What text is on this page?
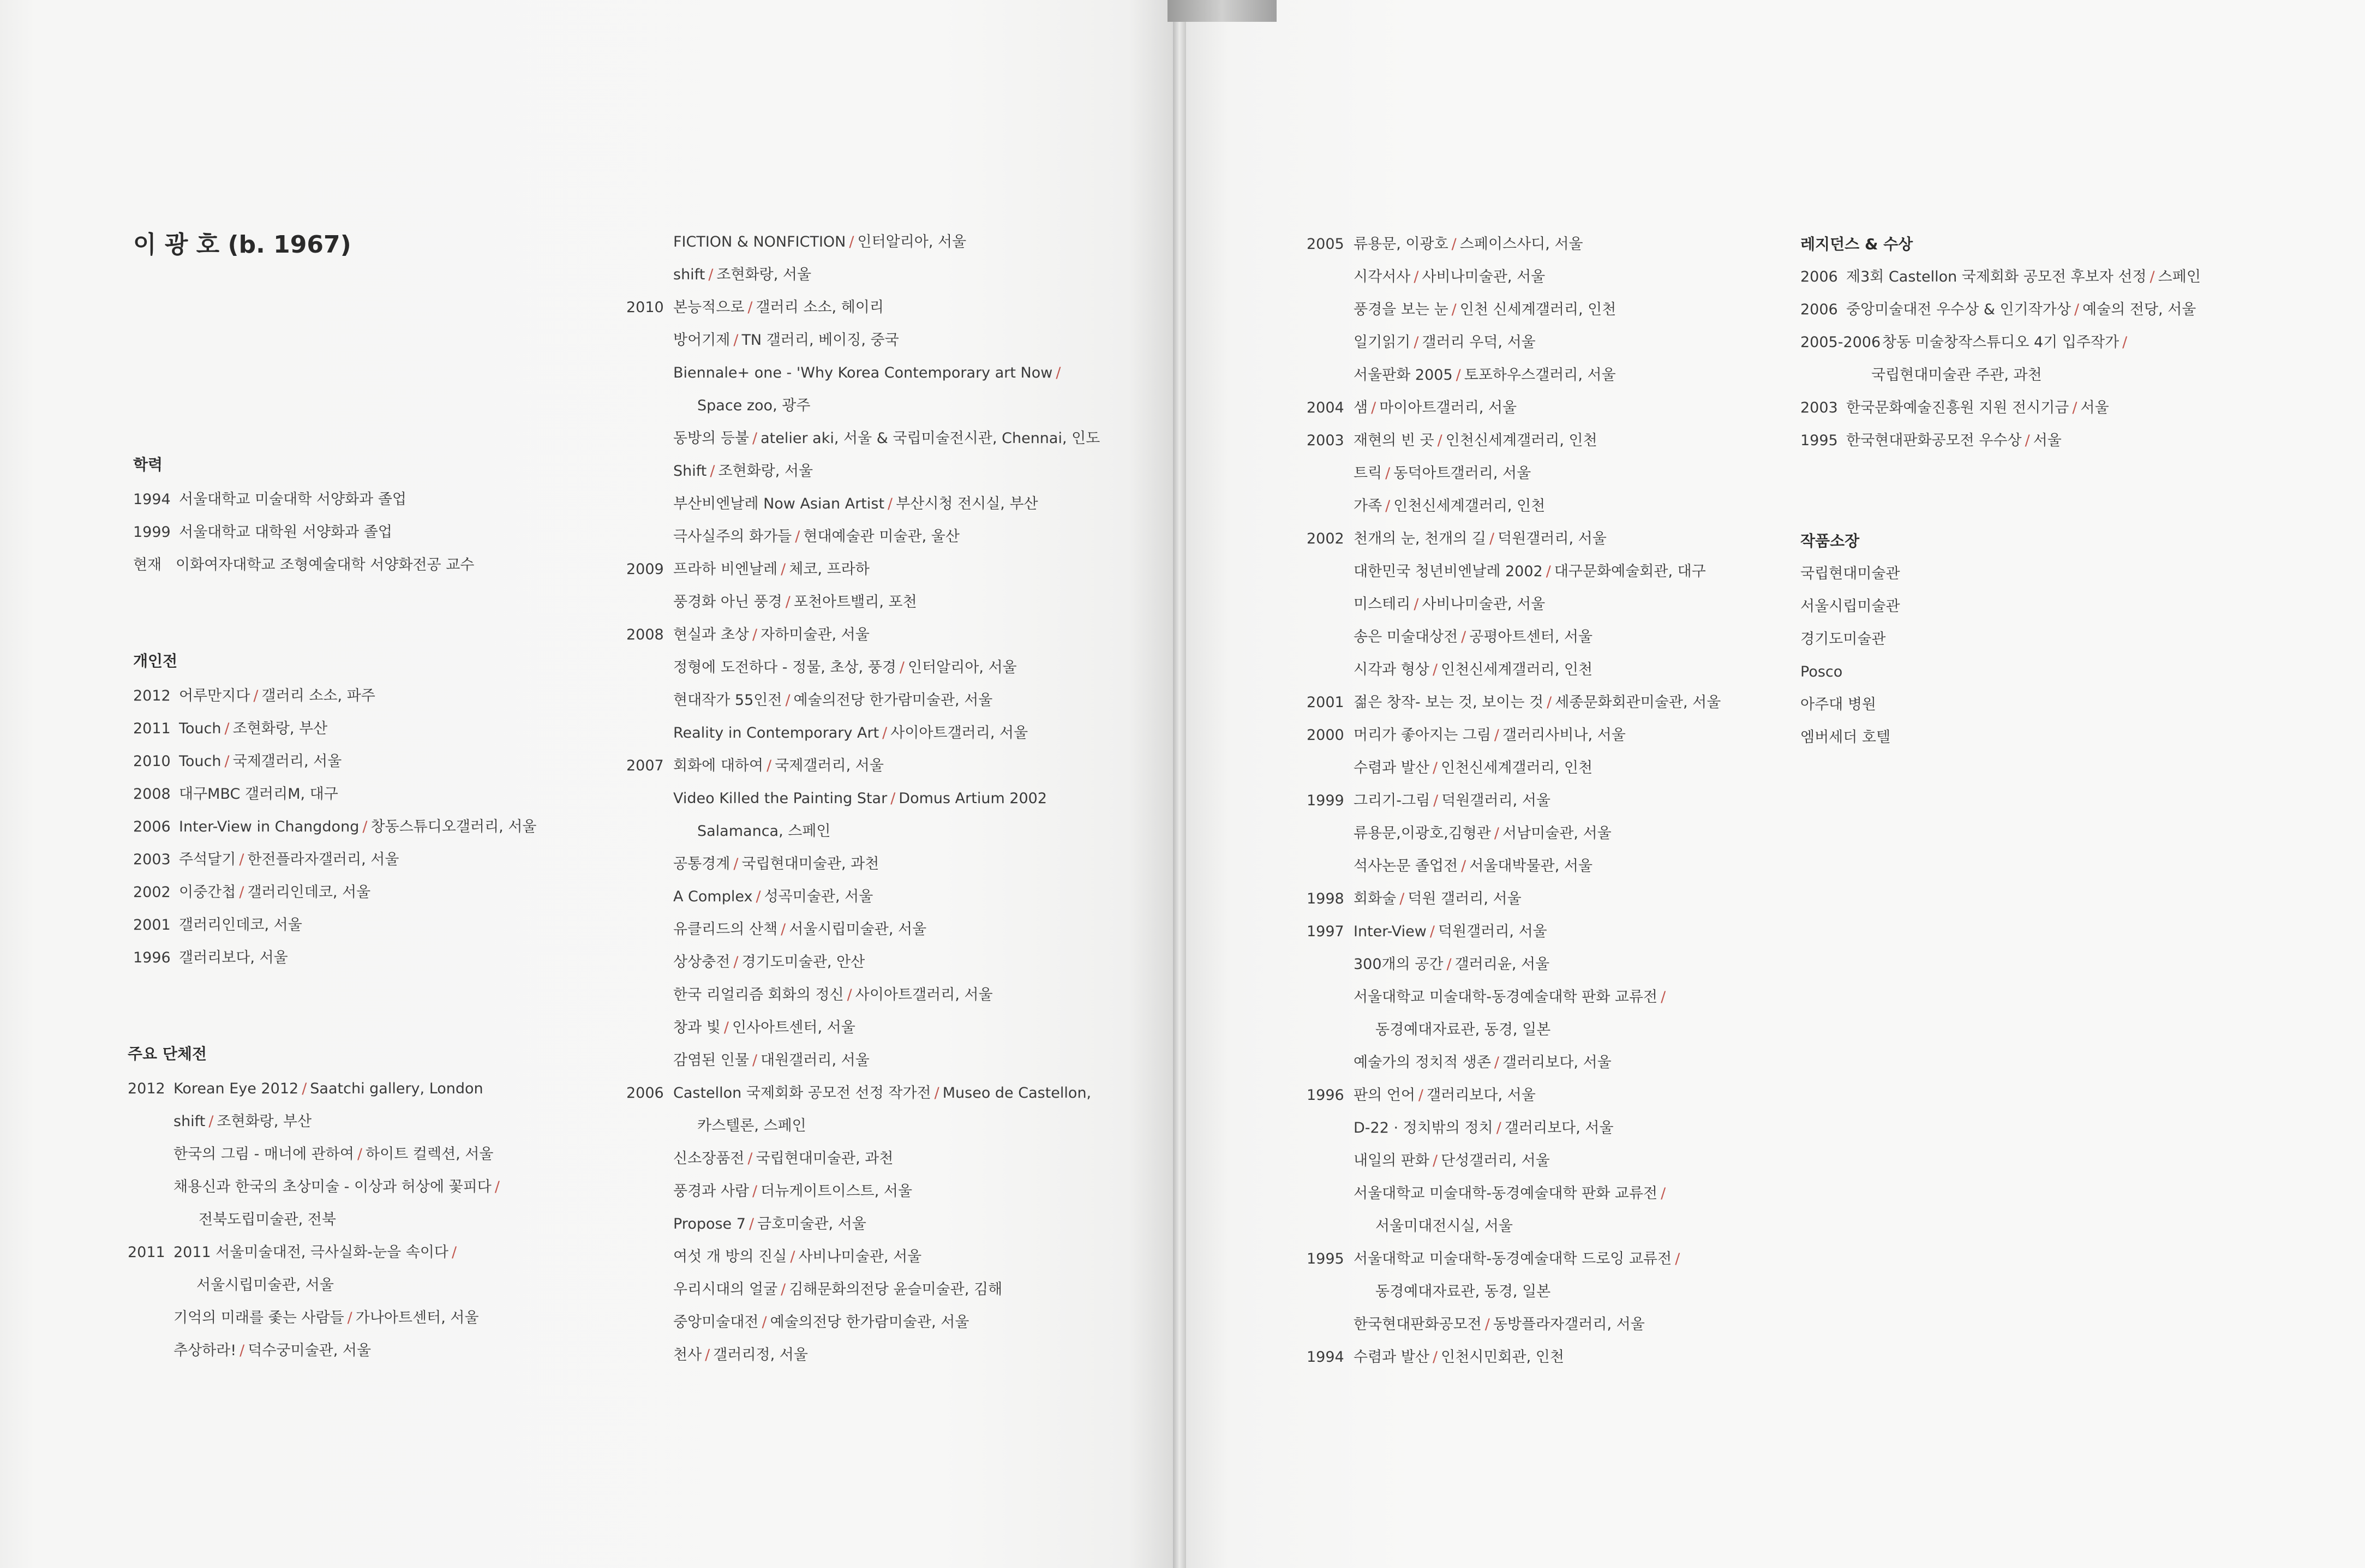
이 광 호 (b. 1967)
학력
1994 서울대학교 미술대학 서양화과 졸업
1999 서울대학교 대학원 서양화과 졸업
현재 이화여자대학교 조형예술대학 서양화전공 교수
개인전
2012 어루만지다 / 갤러리 소소, 파주
2011 Touch / 조현화랑, 부산
2010 Touch / 국제갤러리, 서울
2008 대구MBC 갤러리M, 대구
2006 Inter-View in Changdong / 창동스튜디오갤러리, 서울
2003 주석달기 / 한전플라자갤러리, 서울
2002 이중간첩 / 갤러리인데코, 서울
2001 갤러리인데코, 서울
1996 갤러리보다, 서울
주요 단체전
2012 Korean Eye 2012 / Saatchi gallery, London
shift / 조현화랑, 부산
한국의 그림 - 매너에 관하여 / 하이트 컬렉션, 서울
채용신과 한국의 초상미술 - 이상과 허상에 꽃피다 /
전북도립미술관, 전북
2011 2011 서울미술대전, 극사실화-눈을 속이다 /
서울시립미술관, 서울
기억의 미래를 좇는 사람들 / 가나아트센터, 서울
추상하라! / 덕수궁미술관, 서울
FICTION & NONFICTION / 인터알리아, 서울
shift / 조현화랑, 서울
2010 본능적으로 / 갤러리 소소, 헤이리
방어기제 / TN 갤러리, 베이징, 중국
Biennale+ one - 'Why Korea Contemporary art Now /
Space zoo, 광주
동방의 등불 / atelier aki, 서울 & 국립미술전시관, Chennai, 인도
Shift / 조현화랑, 서울
부산비엔날레 Now Asian Artist / 부산시청 전시실, 부산
극사실주의 화가들 / 현대예술관 미술관, 울산
2009 프라하 비엔날레 / 체코, 프라하
풍경화 아닌 풍경 / 포천아트밸리, 포천
2008 현실과 초상 / 자하미술관, 서울
정형에 도전하다 - 정물, 초상, 풍경 / 인터알리아, 서울
현대작가 55인전 / 예술의전당 한가람미술관, 서울
Reality in Contemporary Art / 사이아트갤러리, 서울
2007 회화에 대하여 / 국제갤러리, 서울
Video Killed the Painting Star / Domus Artium 2002
Salamanca, 스페인
공통경계 / 국립현대미술관, 과천
A Complex / 성곡미술관, 서울
유클리드의 산책 / 서울시립미술관, 서울
상상충전 / 경기도미술관, 안산
한국 리얼리즘 회화의 정신 / 사이아트갤러리, 서울
창과 빛 / 인사아트센터, 서울
감염된 인물 / 대원갤러리, 서울
2006 Castellon 국제회화 공모전 선정 작가전 / Museo de Castellon,
카스텔론, 스페인
신소장품전 / 국립현대미술관, 과천
풍경과 사람 / 더뉴게이트이스트, 서울
Propose 7 / 금호미술관, 서울
여섯 개 방의 진실 / 사비나미술관, 서울
우리시대의 얼굴 / 김해문화의전당 윤슬미술관, 김해
중앙미술대전 / 예술의전당 한가람미술관, 서울
천사 / 갤러리정, 서울
2005 류용문, 이광호 / 스페이스사디, 서울
시각서사 / 사비나미술관, 서울
풍경을 보는 눈 / 인천 신세계갤러리, 인천
일기읽기 / 갤러리 우덕, 서울
서울판화 2005 / 토포하우스갤러리, 서울
2004 샘 / 마이아트갤러리, 서울
2003 재현의 빈 곳 / 인천신세계갤러리, 인천
트릭 / 동덕아트갤러리, 서울
가족 / 인천신세계갤러리, 인천
2002 천개의 눈, 천개의 길 / 덕원갤러리, 서울
대한민국 청년비엔날레 2002 / 대구문화예술회관, 대구
미스테리 / 사비나미술관, 서울
송은 미술대상전 / 공평아트센터, 서울
시각과 형상 / 인천신세계갤러리, 인천
2001 젊은 창작- 보는 것, 보이는 것 / 세종문화회관미술관, 서울
2000 머리가 좋아지는 그림 / 갤러리사비나, 서울
수렴과 발산 / 인천신세계갤러리, 인천
1999 그리기-그림 / 덕원갤러리, 서울
류용문,이광호,김형관 / 서남미술관, 서울
석사논문 졸업전 / 서울대박물관, 서울
1998 회화술 / 덕원 갤러리, 서울
1997 Inter-View / 덕원갤러리, 서울
300개의 공간 / 갤러리윤, 서울
서울대학교 미술대학-동경예술대학 판화 교류전 /
동경예대자료관, 동경, 일본
예술가의 정치적 생존 / 갤러리보다, 서울
1996 판의 언어 / 갤러리보다, 서울
D-22 · 정치밖의 정치 / 갤러리보다, 서울
내일의 판화 / 단성갤러리, 서울
서울대학교 미술대학-동경예술대학 판화 교류전 /
서울미대전시실, 서울
1995 서울대학교 미술대학-동경예술대학 드로잉 교류전 /
동경예대자료관, 동경, 일본
한국현대판화공모전 / 동방플라자갤러리, 서울
1994 수렴과 발산 / 인천시민회관, 인천
레지던스 & 수상
2006 제3회 Castellon 국제회화 공모전 후보자 선정 / 스페인
2006 중앙미술대전 우수상 & 인기작가상 / 예술의 전당, 서울
2005-2006 창동 미술창작스튜디오 4기 입주작가 /
국립현대미술관 주관, 과천
2003 한국문화예술진흥원 지원 전시기금 / 서울
1995 한국현대판화공모전 우수상 / 서울
작품소장
국립현대미술관
서울시립미술관
경기도미술관
Posco
아주대 병원
엠버세더 호텔
